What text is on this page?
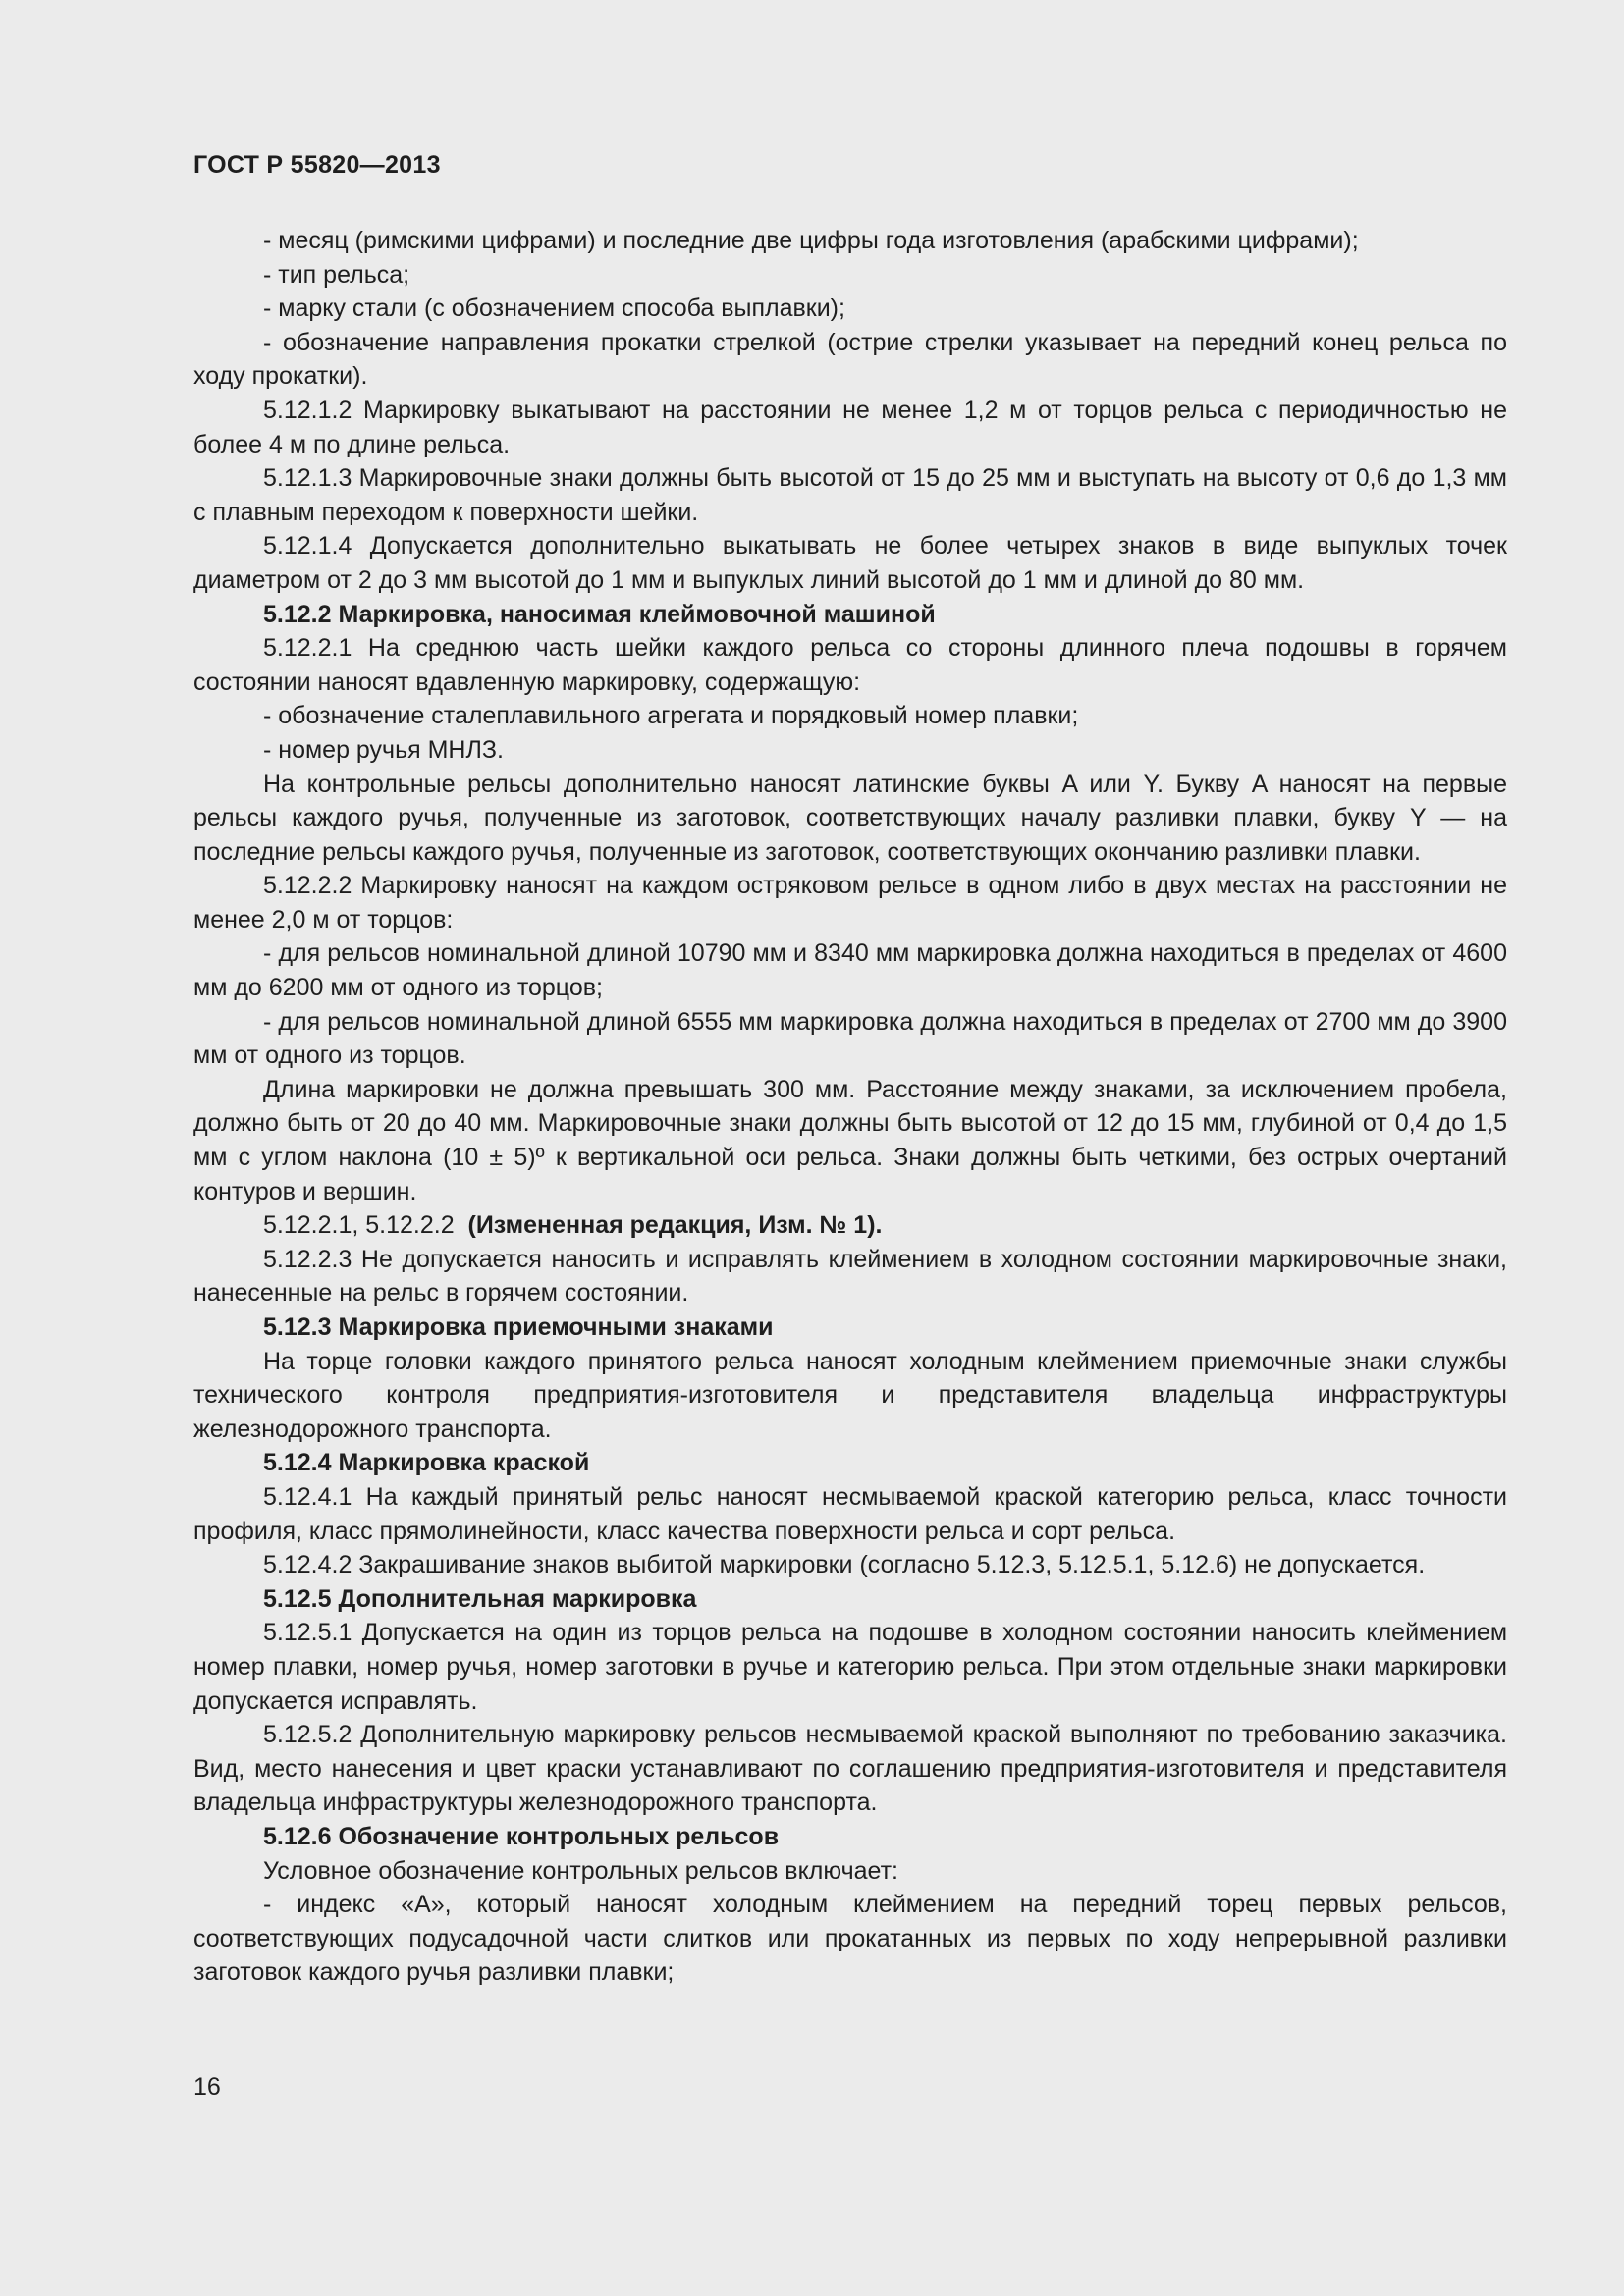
ГОСТ Р 55820—2013

- месяц (римскими цифрами) и последние две цифры года изготовления (арабскими цифрами);

- тип рельса;

- марку стали (с обозначением способа выплавки);

- обозначение направления прокатки стрелкой (острие стрелки указывает на передний конец рельса по ходу прокатки).

5.12.1.2 Маркировку выкатывают на расстоянии не менее 1,2 м от торцов рельса с периодичностью не более 4 м по длине рельса.

5.12.1.3 Маркировочные знаки должны быть высотой от 15 до 25 мм и выступать на высоту от 0,6 до 1,3 мм с плавным переходом к поверхности шейки.

5.12.1.4 Допускается дополнительно выкатывать не более четырех знаков в виде выпуклых точек диаметром от 2 до 3 мм высотой до 1 мм и выпуклых линий высотой до 1 мм и длиной до 80 мм.

5.12.2 Маркировка, наносимая клеймовочной машиной

5.12.2.1 На среднюю часть шейки каждого рельса со стороны длинного плеча подошвы в горячем состоянии наносят вдавленную маркировку, содержащую:

- обозначение сталеплавильного агрегата и порядковый номер плавки;

- номер ручья МНЛЗ.

На контрольные рельсы дополнительно наносят латинские буквы A или Y. Букву A наносят на первые рельсы каждого ручья, полученные из заготовок, соответствующих началу разливки плавки, букву Y — на последние рельсы каждого ручья, полученные из заготовок, соответствующих окончанию разливки плавки.

5.12.2.2 Маркировку наносят на каждом остряковом рельсе в одном либо в двух местах на расстоянии не менее 2,0 м от торцов:

- для рельсов номинальной длиной 10790 мм и 8340 мм маркировка должна находиться в пределах от 4600 мм до 6200 мм от одного из торцов;

- для рельсов номинальной длиной 6555 мм маркировка должна находиться в пределах от 2700 мм до 3900 мм от одного из торцов.

Длина маркировки не должна превышать 300 мм. Расстояние между знаками, за исключением пробела, должно быть от 20 до 40 мм. Маркировочные знаки должны быть высотой от 12 до 15 мм, глубиной от 0,4 до 1,5 мм с углом наклона (10 ± 5)º к вертикальной оси рельса. Знаки должны быть четкими, без острых очертаний контуров и вершин.

5.12.2.1, 5.12.2.2 (Измененная редакция, Изм. № 1).

5.12.2.3 Не допускается наносить и исправлять клеймением в холодном состоянии маркировочные знаки, нанесенные на рельс в горячем состоянии.

5.12.3 Маркировка приемочными знаками

На торце головки каждого принятого рельса наносят холодным клеймением приемочные знаки службы технического контроля предприятия-изготовителя и представителя владельца инфраструктуры железнодорожного транспорта.

5.12.4 Маркировка краской

5.12.4.1 На каждый принятый рельс наносят несмываемой краской категорию рельса, класс точности профиля, класс прямолинейности, класс качества поверхности рельса и сорт рельса.

5.12.4.2 Закрашивание знаков выбитой маркировки (согласно 5.12.3, 5.12.5.1, 5.12.6) не допускается.

5.12.5 Дополнительная маркировка

5.12.5.1 Допускается на один из торцов рельса на подошве в холодном состоянии наносить клеймением номер плавки, номер ручья, номер заготовки в ручье и категорию рельса. При этом отдельные знаки маркировки допускается исправлять.

5.12.5.2 Дополнительную маркировку рельсов несмываемой краской выполняют по требованию заказчика. Вид, место нанесения и цвет краски устанавливают по соглашению предприятия-изготовителя и представителя владельца инфраструктуры железнодорожного транспорта.

5.12.6 Обозначение контрольных рельсов

Условное обозначение контрольных рельсов включает:

- индекс «A», который наносят холодным клеймением на передний торец первых рельсов, соответствующих подусадочной части слитков или прокатанных из первых по ходу непрерывной разливки заготовок каждого ручья разливки плавки;

16
